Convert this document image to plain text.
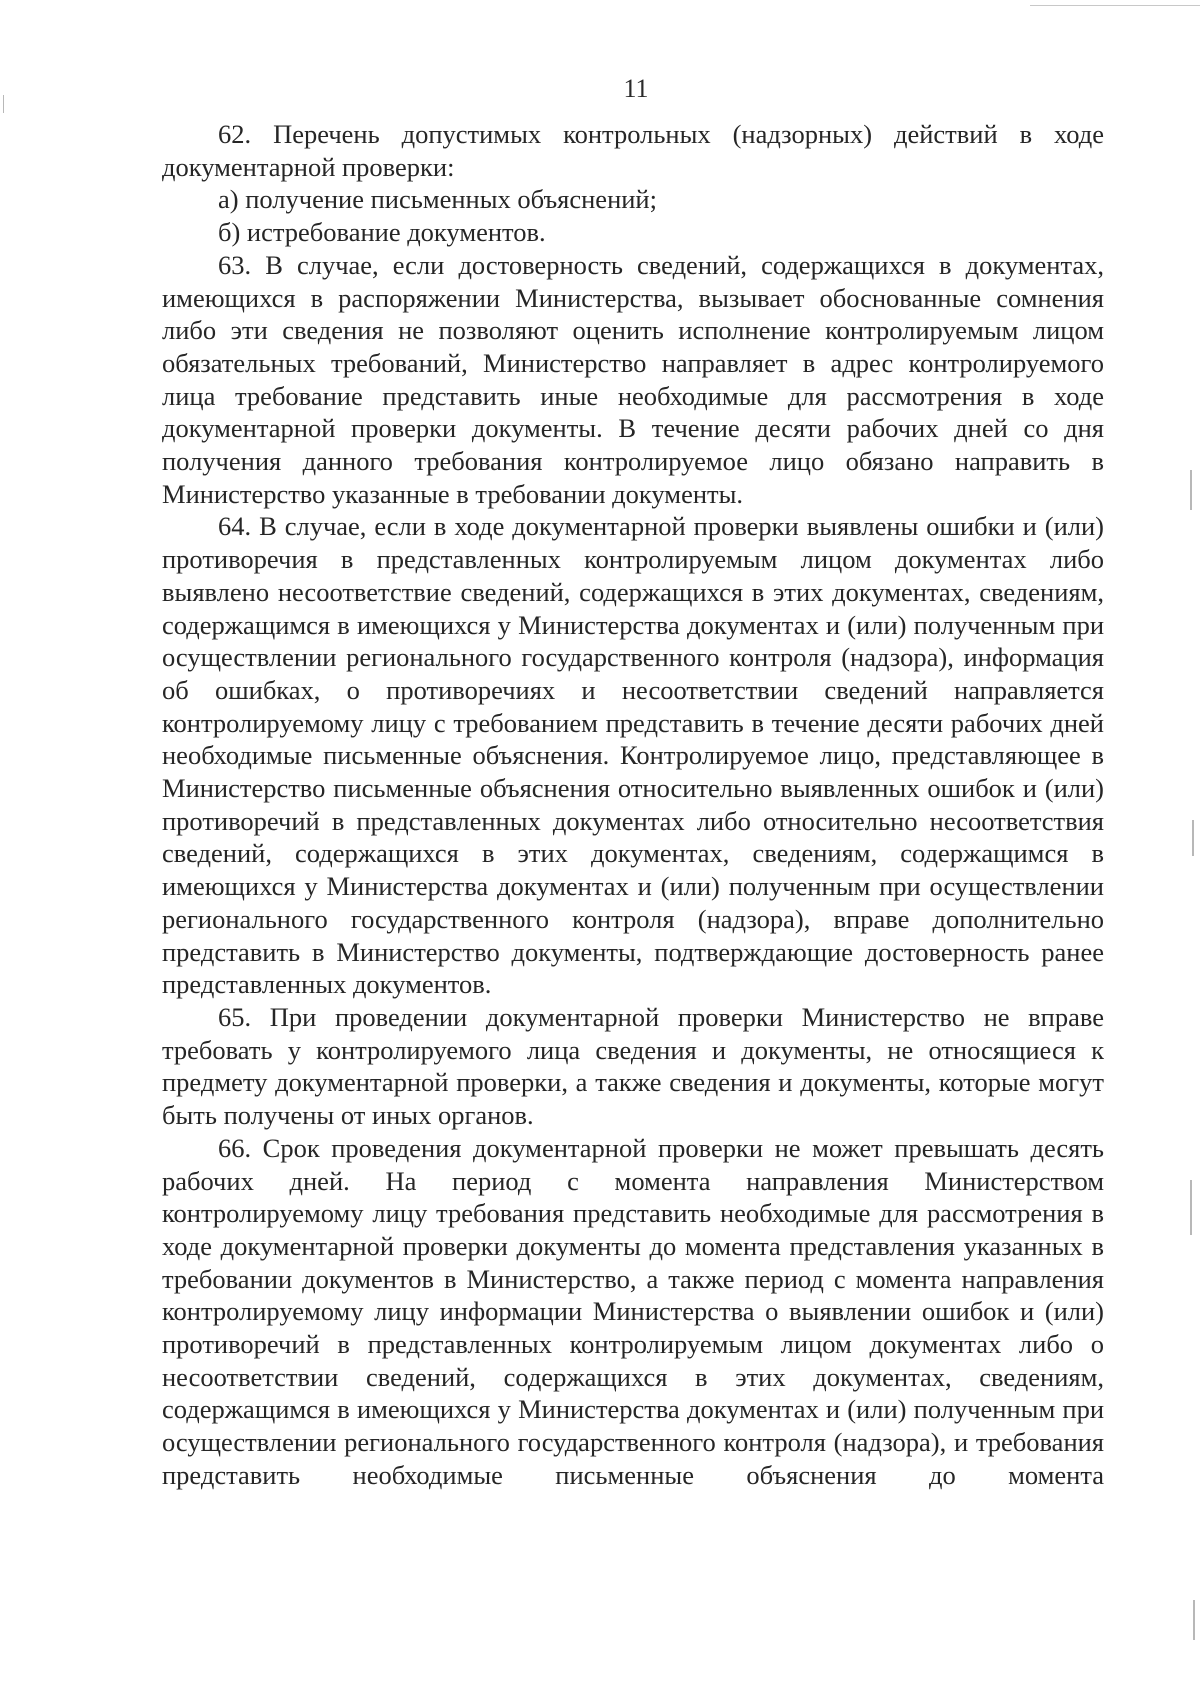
11

62. Перечень допустимых контрольных (надзорных) действий в ходе документарной проверки:

а) получение письменных объяснений;

б) истребование документов.

63. В случае, если достоверность сведений, содержащихся в документах, имеющихся в распоряжении Министерства, вызывает обоснованные сомнения либо эти сведения не позволяют оценить исполнение контролируемым лицом обязательных требований, Министерство направляет в адрес контролируемого лица требование представить иные необходимые для рассмотрения в ходе документарной проверки документы. В течение десяти рабочих дней со дня получения данного требования контролируемое лицо обязано направить в Министерство указанные в требовании документы.

64. В случае, если в ходе документарной проверки выявлены ошибки и (или) противоречия в представленных контролируемым лицом документах либо выявлено несоответствие сведений, содержащихся в этих документах, сведениям, содержащимся в имеющихся у Министерства документах и (или) полученным при осуществлении регионального государственного контроля (надзора), информация об ошибках, о противоречиях и несоответствии сведений направляется контролируемому лицу с требованием представить в течение десяти рабочих дней необходимые письменные объяснения. Контролируемое лицо, представляющее в Министерство письменные объяснения относительно выявленных ошибок и (или) противоречий в представленных документах либо относительно несоответствия сведений, содержащихся в этих документах, сведениям, содержащимся в имеющихся у Министерства документах и (или) полученным при осуществлении регионального государственного контроля (надзора), вправе дополнительно представить в Министерство документы, подтверждающие достоверность ранее представленных документов.

65. При проведении документарной проверки Министерство не вправе требовать у контролируемого лица сведения и документы, не относящиеся к предмету документарной проверки, а также сведения и документы, которые могут быть получены от иных органов.

66. Срок проведения документарной проверки не может превышать десять рабочих дней. На период с момента направления Министерством контролируемому лицу требования представить необходимые для рассмотрения в ходе документарной проверки документы до момента представления указанных в требовании документов в Министерство, а также период с момента направления контролируемому лицу информации Министерства о выявлении ошибок и (или) противоречий в представленных контролируемым лицом документах либо о несоответствии сведений, содержащихся в этих документах, сведениям, содержащимся в имеющихся у Министерства документах и (или) полученным при осуществлении регионального государственного контроля (надзора), и требования представить необходимые письменные объяснения до момента
